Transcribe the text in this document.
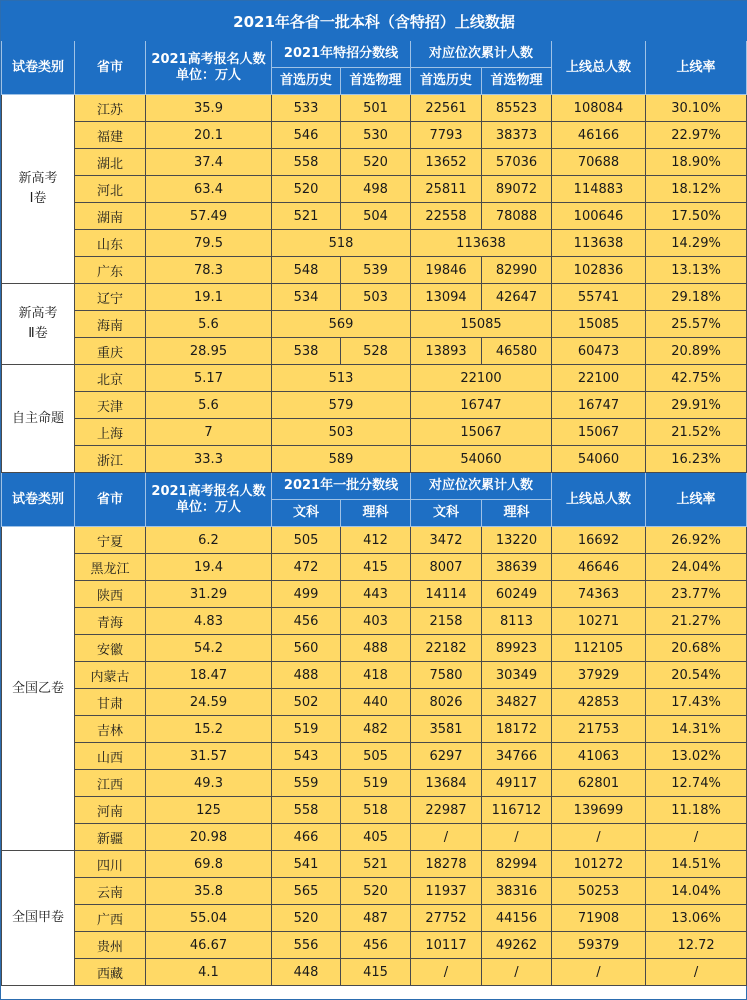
2021年各省一批本科（含特招）上线数据								
试卷类别	省市	2021高考报名人数
单位：万人	2021年特招分数线		对应位次累计人数		上线总人数	上线率
			首选历史	首选物理	首选历史	首选物理		
新高考
Ⅰ卷	江苏	35.9	533	501	22561	85523	108084	30.10%
	福建	20.1	546	530	7793	38373	46166	22.97%
	湖北	37.4	558	520	13652	57036	70688	18.90%
	河北	63.4	520	498	25811	89072	114883	18.12%
	湖南	57.49	521	504	22558	78088	100646	17.50%
	山东	79.5	518		113638		113638	14.29%
	广东	78.3	548	539	19846	82990	102836	13.13%
新高考
Ⅱ卷	辽宁	19.1	534	503	13094	42647	55741	29.18%
	海南	5.6	569		15085		15085	25.57%
	重庆	28.95	538	528	13893	46580	60473	20.89%
自主命题	北京	5.17	513		22100		22100	42.75%
	天津	5.6	579		16747		16747	29.91%
	上海	7	503		15067		15067	21.52%
	浙江	33.3	589		54060		54060	16.23%
试卷类别	省市	2021高考报名人数
单位：万人	2021年一批分数线		对应位次累计人数		上线总人数	上线率
			文科	理科	文科	理科		
全国乙卷	宁夏	6.2	505	412	3472	13220	16692	26.92%
	黑龙江	19.4	472	415	8007	38639	46646	24.04%
	陕西	31.29	499	443	14114	60249	74363	23.77%
	青海	4.83	456	403	2158	8113	10271	21.27%
	安徽	54.2	560	488	22182	89923	112105	20.68%
	内蒙古	18.47	488	418	7580	30349	37929	20.54%
	甘肃	24.59	502	440	8026	34827	42853	17.43%
	吉林	15.2	519	482	3581	18172	21753	14.31%
	山西	31.57	543	505	6297	34766	41063	13.02%
	江西	49.3	559	519	13684	49117	62801	12.74%
	河南	125	558	518	22987	116712	139699	11.18%
	新疆	20.98	466	405	/	/	/	/
全国甲卷	四川	69.8	541	521	18278	82994	101272	14.51%
	云南	35.8	565	520	11937	38316	50253	14.04%
	广西	55.04	520	487	27752	44156	71908	13.06%
	贵州	46.67	556	456	10117	49262	59379	12.72
	西藏	4.1	448	415	/	/	/	/
